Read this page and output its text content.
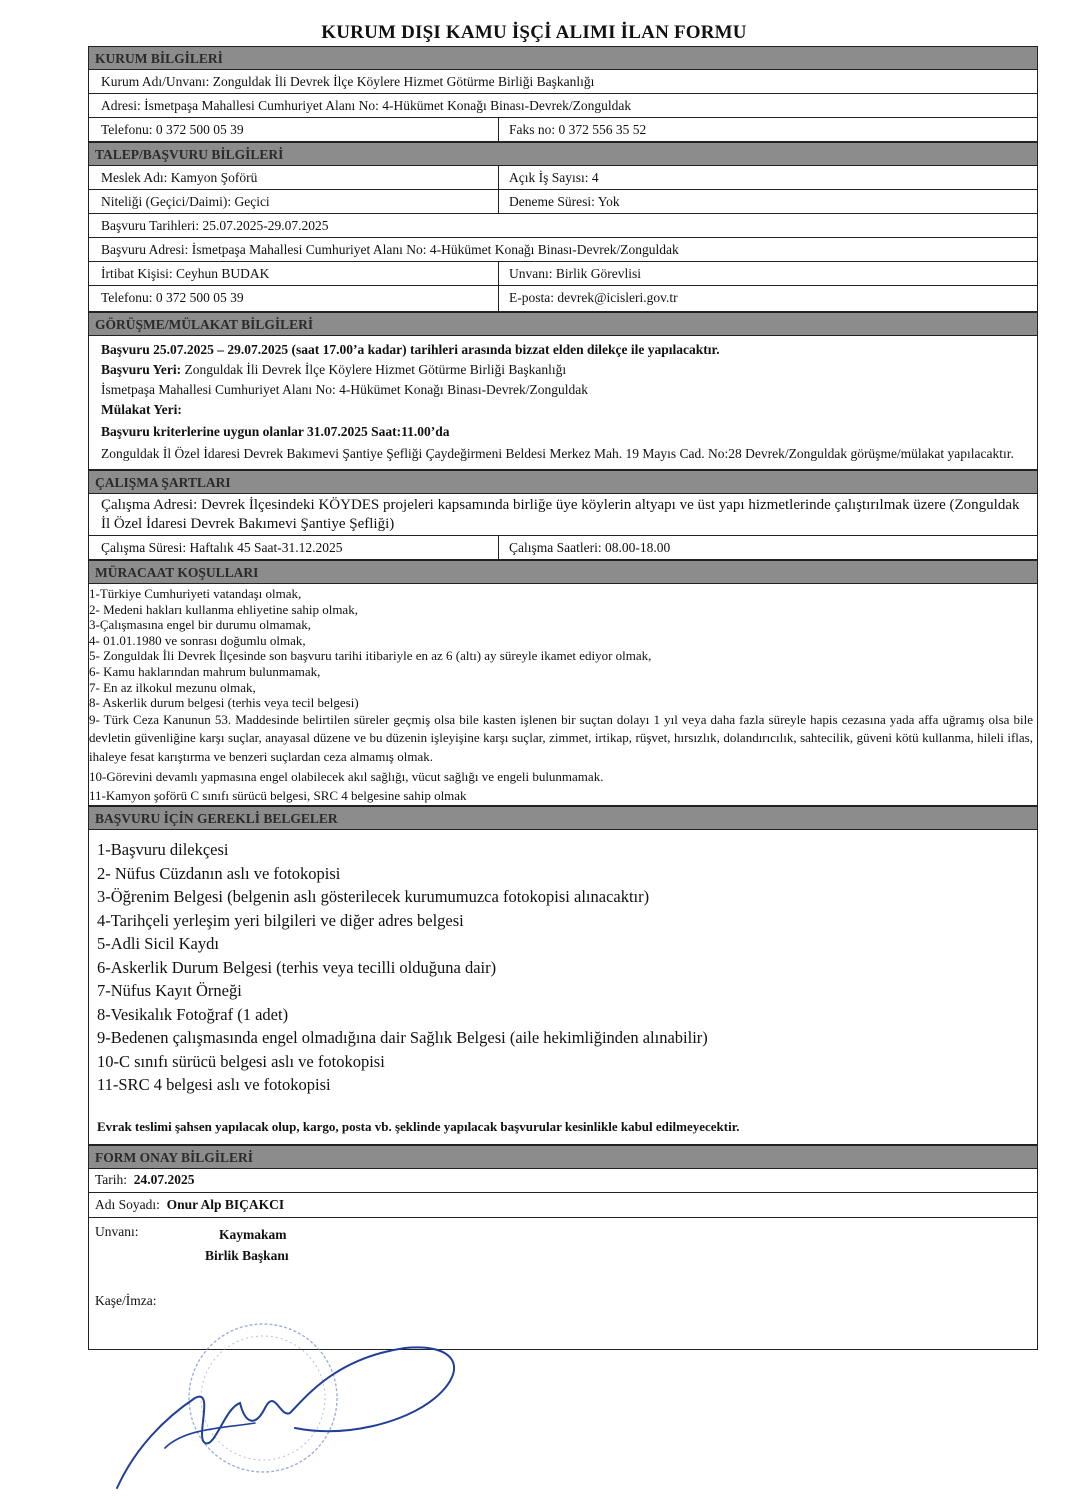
KURUM DIŞI KAMU İŞÇİ ALIMI İLAN FORMU
KURUM BİLGİLERİ
Kurum Adı/Unvanı: Zonguldak İli Devrek İlçe Köylere Hizmet Götürme Birliği Başkanlığı
Adresi: İsmetpaşa Mahallesi Cumhuriyet Alanı No: 4-Hükümet Konağı Binası-Devrek/Zonguldak
Telefonu: 0 372 500 05 39	Faks no: 0 372 556 35 52
TALEP/BAŞVURU BİLGİLERİ
Meslek Adı: Kamyon Şoförü	Açık İş Sayısı: 4
Niteliği (Geçici/Daimi): Geçici	Deneme Süresi: Yok
Başvuru Tarihleri: 25.07.2025-29.07.2025
Başvuru Adresi: İsmetpaşa Mahallesi Cumhuriyet Alanı No: 4-Hükümet Konağı Binası-Devrek/Zonguldak
İrtibat Kişisi: Ceyhun BUDAK	Unvanı: Birlik Görevlisi
Telefonu: 0 372 500 05 39	E-posta: devrek@icisleri.gov.tr
GÖRÜŞME/MÜLAKAT BİLGİLERİ
Başvuru 25.07.2025 – 29.07.2025 (saat 17.00’a kadar) tarihleri arasında bizzat elden dilekçe ile yapılacaktır.
Başvuru Yeri: Zonguldak İli Devrek İlçe Köylere Hizmet Götürme Birliği Başkanlığı
İsmetpaşa Mahallesi Cumhuriyet Alanı No: 4-Hükümet Konağı Binası-Devrek/Zonguldak
Mülakat Yeri:
Başvuru kriterlerine uygun olanlar 31.07.2025 Saat:11.00’da
Zonguldak İl Özel İdaresi Devrek Bakımevi Şantiye Şefliği Çaydeğirmeni Beldesi Merkez Mah. 19 Mayıs Cad. No:28 Devrek/Zonguldak görüşme/mülakat yapılacaktır.
ÇALIŞMA ŞARTLARI
Çalışma Adresi: Devrek İlçesindeki KÖYDES projeleri kapsamında birliğe üye köylerin altyapı ve üst yapı hizmetlerinde çalıştırılmak üzere (Zonguldak İl Özel İdaresi Devrek Bakımevi Şantiye Şefliği)
Çalışma Süresi: Haftalık 45 Saat-31.12.2025	Çalışma Saatleri: 08.00-18.00
MÜRACAAT KOŞULLARI
1-Türkiye Cumhuriyeti vatandaşı olmak,
2- Medeni hakları kullanma ehliyetine sahip olmak,
3-Çalışmasına engel bir durumu olmamak,
4- 01.01.1980 ve sonrası doğumlu olmak,
5- Zonguldak İli Devrek İlçesinde son başvuru tarihi itibariyle en az 6 (altı) ay süreyle ikamet ediyor olmak,
6- Kamu haklarından mahrum bulunmamak,
7- En az ilkokul mezunu olmak,
8- Askerlik durum belgesi (terhis veya tecil belgesi)
9- Türk Ceza Kanunun 53. Maddesinde belirtilen süreler geçmiş olsa bile kasten işlenen bir suçtan dolayı 1 yıl veya daha fazla süreyle hapis cezasına yada affa uğramış olsa bile devletin güvenliğine karşı suçlar, anayasal düzene ve bu düzenin işleyişine karşı suçlar, zimmet, irtikap, rüşvet, hırsızlık, dolandırıcılık, sahtecilik, güveni kötü kullanma, hileli iflas, ihaleye fesat karıştırma ve benzeri suçlardan ceza almamış olmak.
10-Görevini devamlı yapmasına engel olabilecek akıl sağlığı, vücut sağlığı ve engeli bulunmamak.
11-Kamyon şoförü C sınıfı sürücü belgesi, SRC 4 belgesine sahip olmak
BAŞVURU İÇİN GEREKLİ BELGELER
1-Başvuru dilekçesi
2- Nüfus Cüzdanın aslı ve fotokopisi
3-Öğrenim Belgesi (belgenin aslı gösterilecek kurumumuzca fotokopisi alınacaktır)
4-Tarihçeli yerleşim yeri bilgileri ve diğer adres belgesi
5-Adli Sicil Kaydı
6-Askerlik Durum Belgesi (terhis veya tecilli olduğuna dair)
7-Nüfus Kayıt Örneği
8-Vesikalık Fotoğraf (1 adet)
9-Bedenen çalışmasında engel olmadığına dair Sağlık Belgesi (aile hekimliğinden alınabilir)
10-C sınıfı sürücü belgesi aslı ve fotokopisi
11-SRC 4 belgesi aslı ve fotokopisi
Evrak teslimi şahsen yapılacak olup, kargo, posta vb. şeklinde yapılacak başvurular kesinlikle kabul edilmeyecektir.
FORM ONAY BİLGİLERİ
Tarih: 24.07.2025
Adı Soyadı: Onur Alp BIÇAKCI
Unvanı:	Kaymakam
Birlik Başkanı
Kaşe/İmza:
